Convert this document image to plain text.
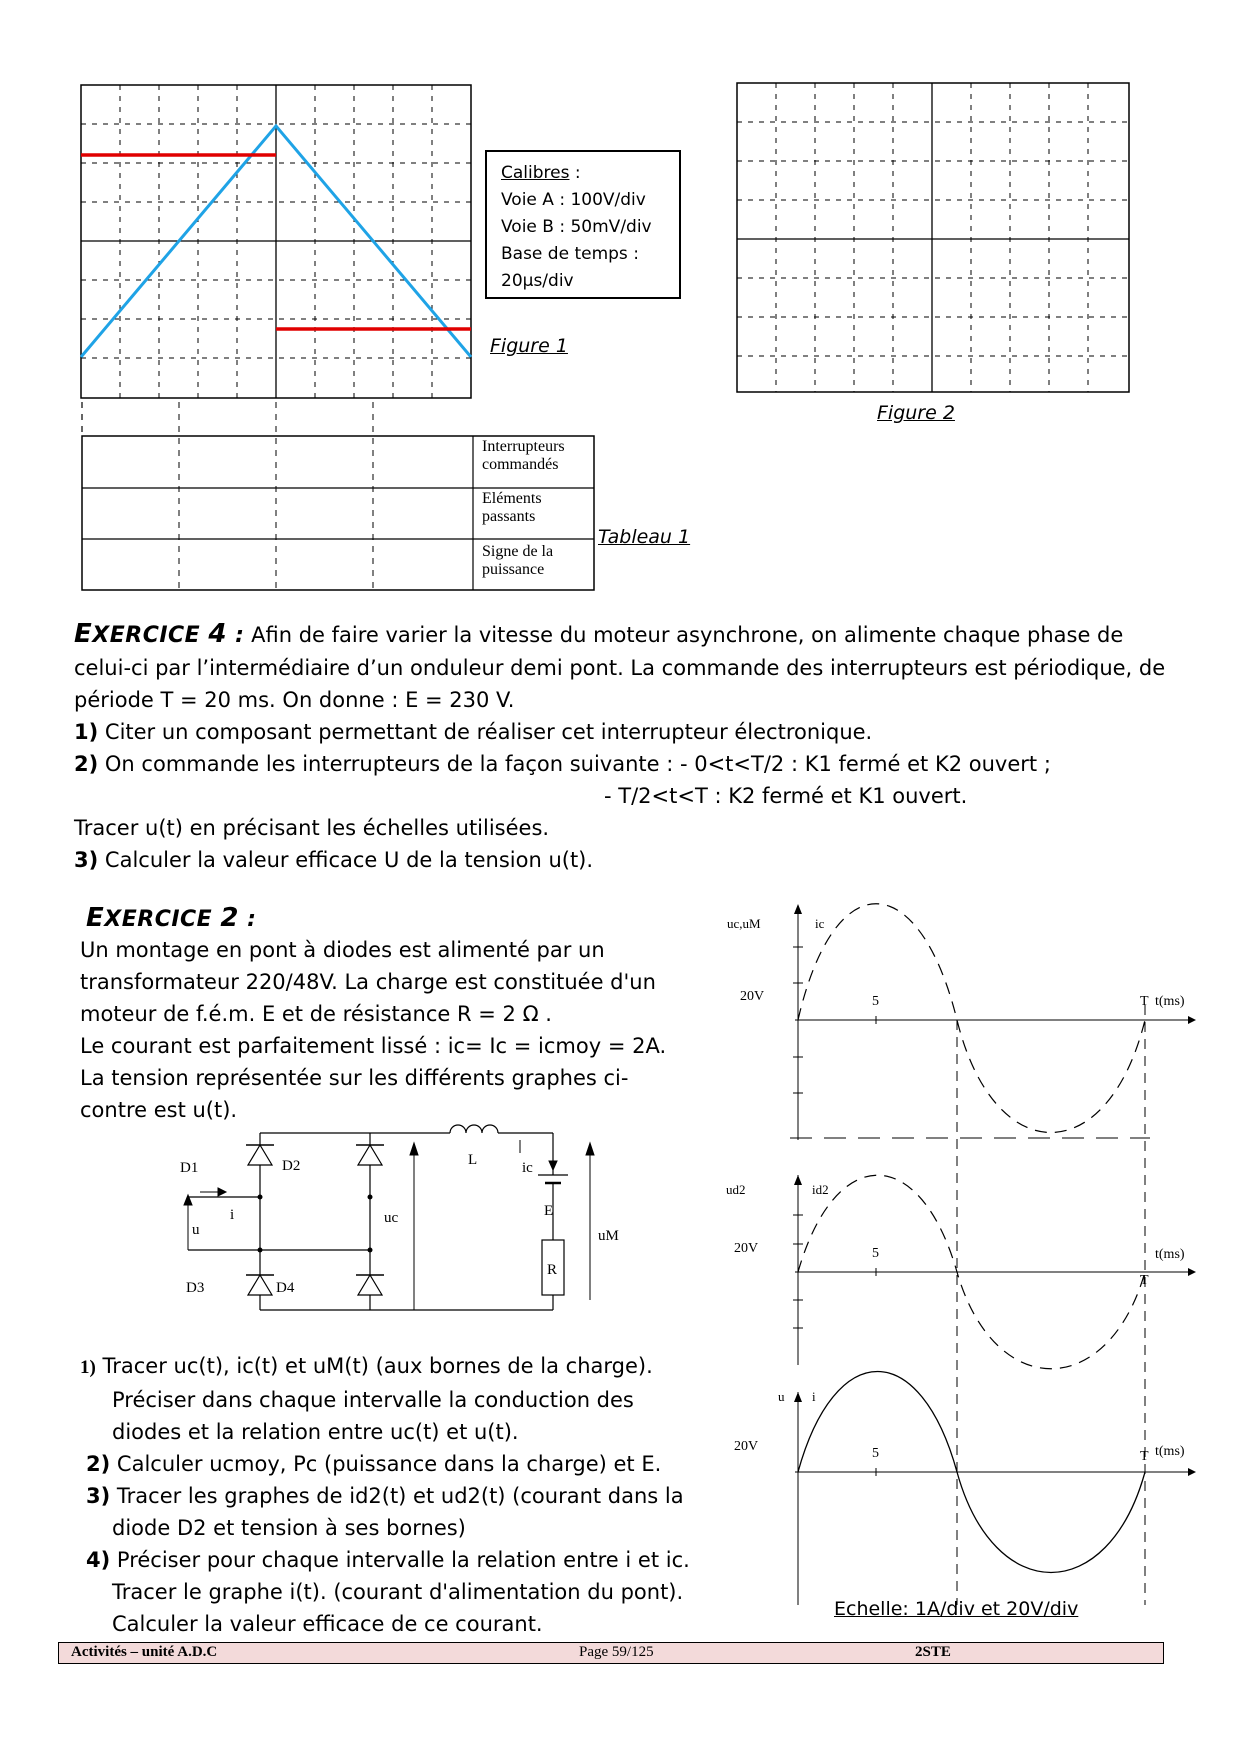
Calibres :
Voie A : 100V/div
Voie B : 50mV/div
Base de temps :
20µs/div
Figure 1
Figure 2
Interrupteurs commandés
Eléments passants
Signe de la puissance
Tableau 1
EXERCICE 4 : Afin de faire varier la vitesse du moteur asynchrone, on alimente chaque phase de celui-ci par l’intermédiaire d’un onduleur demi pont. La commande des interrupteurs est périodique, de période T = 20 ms. On donne : E = 230 V.
1) Citer un composant permettant de réaliser cet interrupteur électronique.
2) On commande les interrupteurs de la façon suivante : - 0<t<T/2 : K1 fermé et K2 ouvert ;
- T/2<t<T : K2 fermé et K1 ouvert.
Tracer u(t) en précisant les échelles utilisées.
3) Calculer la valeur efficace U de la tension u(t).
EXERCICE 2 :
Un montage en pont à diodes est alimenté par un
transformateur 220/48V. La charge est constituée d'un
moteur de f.é.m. E et de résistance R = 2 Ω .
Le courant est parfaitement lissé : ic= Ic = icmoy = 2A.
La tension représentée sur les différents graphes ci-
contre est u(t).
D1	D2
D3	D4
L	ic
E
R
uc
uM
u
i
1) Tracer uc(t), ic(t) et uM(t) (aux bornes de la charge).
Préciser dans chaque intervalle la conduction des
diodes et la relation entre uc(t) et u(t).
2) Calculer ucmoy, Pc (puissance dans la charge) et E.
3) Tracer les graphes de id2(t) et ud2(t) (courant dans la
diode D2 et tension à ses bornes)
4) Préciser pour chaque intervalle la relation entre i et ic.
Tracer le graphe i(t). (courant d'alimentation du pont).
Calculer la valeur efficace de ce courant.
uc,uM	ic
20V	5	T t(ms)
ud2	id2
20V	5
T
t(ms)
u i
20V	5	T t(ms)
Echelle: 1A/div et 20V/div
Activités – unité A.D.C	Page 59/125	2STE
